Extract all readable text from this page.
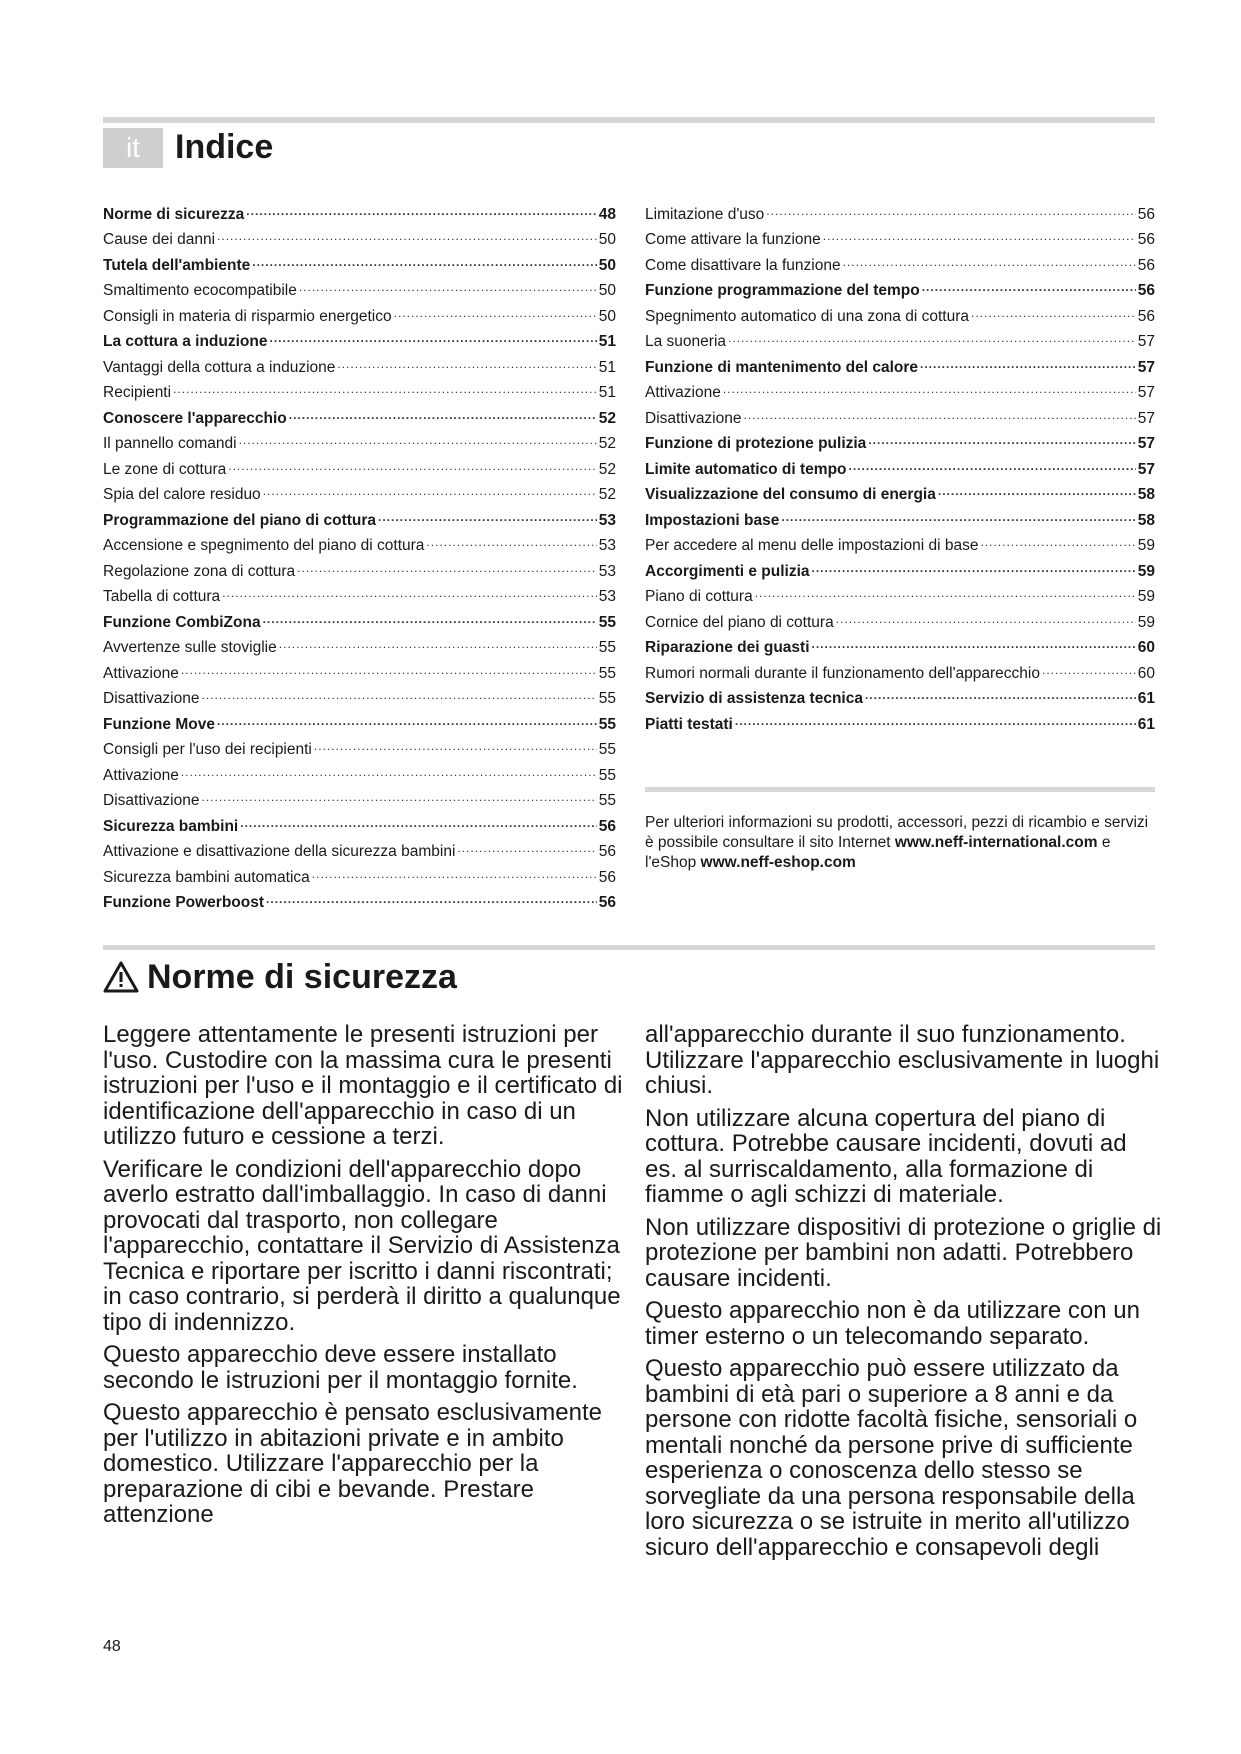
it	Indice
Norme di sicurezza .....	48
Cause dei danni .....	50
Tutela dell'ambiente .....	50
Smaltimento ecocompatibile .....	50
Consigli in materia di risparmio energetico .....	50
La cottura a induzione .....	51
Vantaggi della cottura a induzione .....	51
Recipienti .....	51
Conoscere l'apparecchio .....	52
Il pannello comandi .....	52
Le zone di cottura .....	52
Spia del calore residuo .....	52
Programmazione del piano di cottura .....	53
Accensione e spegnimento del piano di cottura .....	53
Regolazione zona di cottura .....	53
Tabella di cottura .....	53
Funzione CombiZona .....	55
Avvertenze sulle stoviglie .....	55
Attivazione .....	55
Disattivazione .....	55
Funzione Move .....	55
Consigli per l'uso dei recipienti .....	55
Attivazione .....	55
Disattivazione .....	55
Sicurezza bambini .....	56
Attivazione e disattivazione della sicurezza bambini .....	56
Sicurezza bambini automatica .....	56
Funzione Powerboost .....	56
Limitazione d'uso .....	56
Come attivare la funzione .....	56
Come disattivare la funzione .....	56
Funzione programmazione del tempo .....	56
Spegnimento automatico di una zona di cottura .....	56
La suoneria .....	57
Funzione di mantenimento del calore .....	57
Attivazione .....	57
Disattivazione .....	57
Funzione di protezione pulizia .....	57
Limite automatico di tempo .....	57
Visualizzazione del consumo di energia .....	58
Impostazioni base .....	58
Per accedere al menu delle impostazioni di base .....	59
Accorgimenti e pulizia .....	59
Piano di cottura .....	59
Cornice del piano di cottura .....	59
Riparazione dei guasti .....	60
Rumori normali durante il funzionamento dell'apparecchio .....	60
Servizio di assistenza tecnica .....	61
Piatti testati .....	61
Per ulteriori informazioni su prodotti, accessori, pezzi di ricambio e servizi è possibile consultare il sito Internet www.neff-international.com e l'eShop www.neff-eshop.com
Norme di sicurezza

Leggere attentamente le presenti istruzioni per l'uso. Custodire con la massima cura le presenti istruzioni per l'uso e il montaggio e il certificato di identificazione dell'apparecchio in caso di un utilizzo futuro e cessione a terzi.

Verificare le condizioni dell'apparecchio dopo averlo estratto dall'imballaggio. In caso di danni provocati dal trasporto, non collegare l'apparecchio, contattare il Servizio di Assistenza Tecnica e riportare per iscritto i danni riscontrati; in caso contrario, si perderà il diritto a qualunque tipo di indennizzo.

Questo apparecchio deve essere installato secondo le istruzioni per il montaggio fornite.

Questo apparecchio è pensato esclusivamente per l'utilizzo in abitazioni private e in ambito domestico. Utilizzare l'apparecchio per la preparazione di cibi e bevande. Prestare attenzione

all'apparecchio durante il suo funzionamento. Utilizzare l'apparecchio esclusivamente in luoghi chiusi.

Non utilizzare alcuna copertura del piano di cottura. Potrebbe causare incidenti, dovuti ad es. al surriscaldamento, alla formazione di fiamme o agli schizzi di materiale.

Non utilizzare dispositivi di protezione o griglie di protezione per bambini non adatti. Potrebbero causare incidenti.

Questo apparecchio non è da utilizzare con un timer esterno o un telecomando separato.

Questo apparecchio può essere utilizzato da bambini di età pari o superiore a 8 anni e da persone con ridotte facoltà fisiche, sensoriali o mentali nonché da persone prive di sufficiente esperienza o conoscenza dello stesso se sorvegliate da una persona responsabile della loro sicurezza o se istruite in merito all'utilizzo sicuro dell'apparecchio e consapevoli degli

48
